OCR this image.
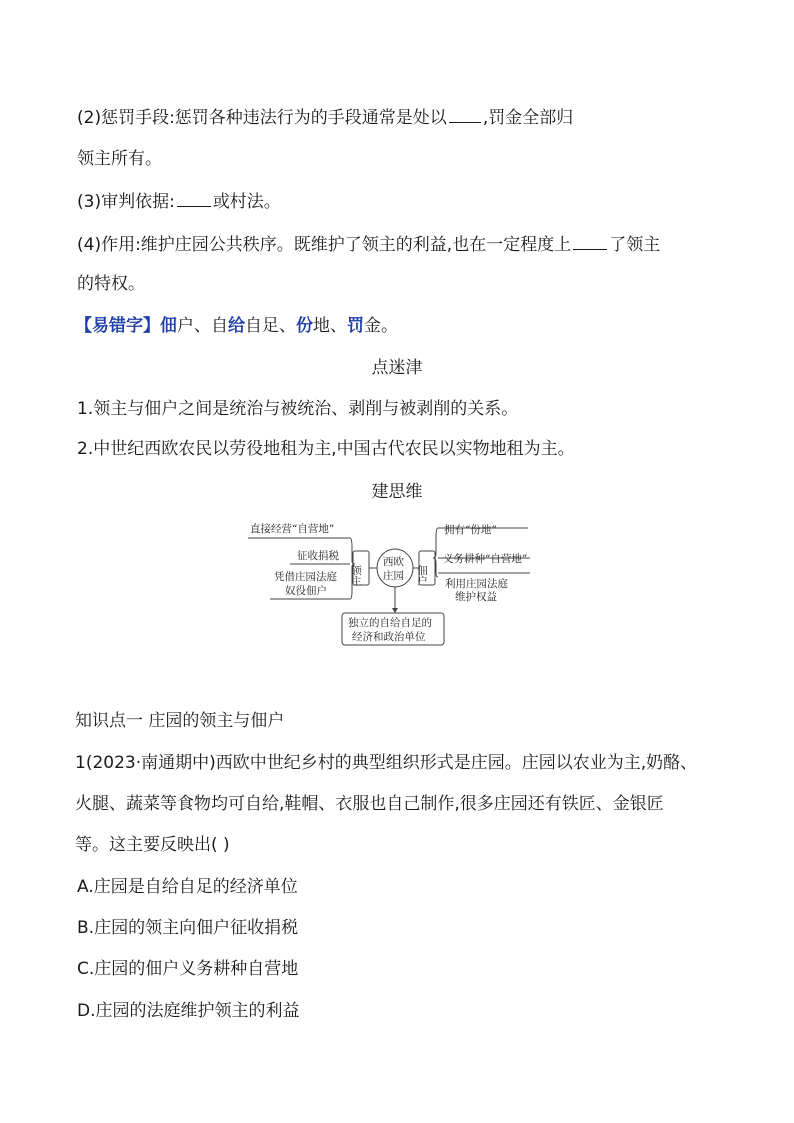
(2)惩罚手段:惩罚各种违法行为的手段通常是处以 ,罚金全部归
领主所有。
(3)审判依据: 或村法。
(4)作用:维护庄园公共秩序。既维护了领主的利益,也在一定程度上 了领主
的特权。
【易错字】佃户、自给自足、份地、罚金。
点迷津
1.领主与佃户之间是统治与被统治、剥削与被剥削的关系。
2.中世纪西欧农民以劳役地租为主,中国古代农民以实物地租为主。
建思维
直接经营“自营地”
征收捐税
凭借庄园法庭
奴役佃户
领主
西欧
庄园 佃户
拥有“份地”
义务耕种“自营地”
利用庄园法庭
维护权益
独立的自给自足的
经济和政治单位
知识点一 庄园的领主与佃户
1(2023·南通期中)西欧中世纪乡村的典型组织形式是庄园。庄园以农业为主,奶酪、
火腿、蔬菜等食物均可自给,鞋帽、衣服也自己制作,很多庄园还有铁匠、金银匠
等。这主要反映出( )
A.庄园是自给自足的经济单位
B.庄园的领主向佃户征收捐税
C.庄园的佃户义务耕种自营地
D.庄园的法庭维护领主的利益
